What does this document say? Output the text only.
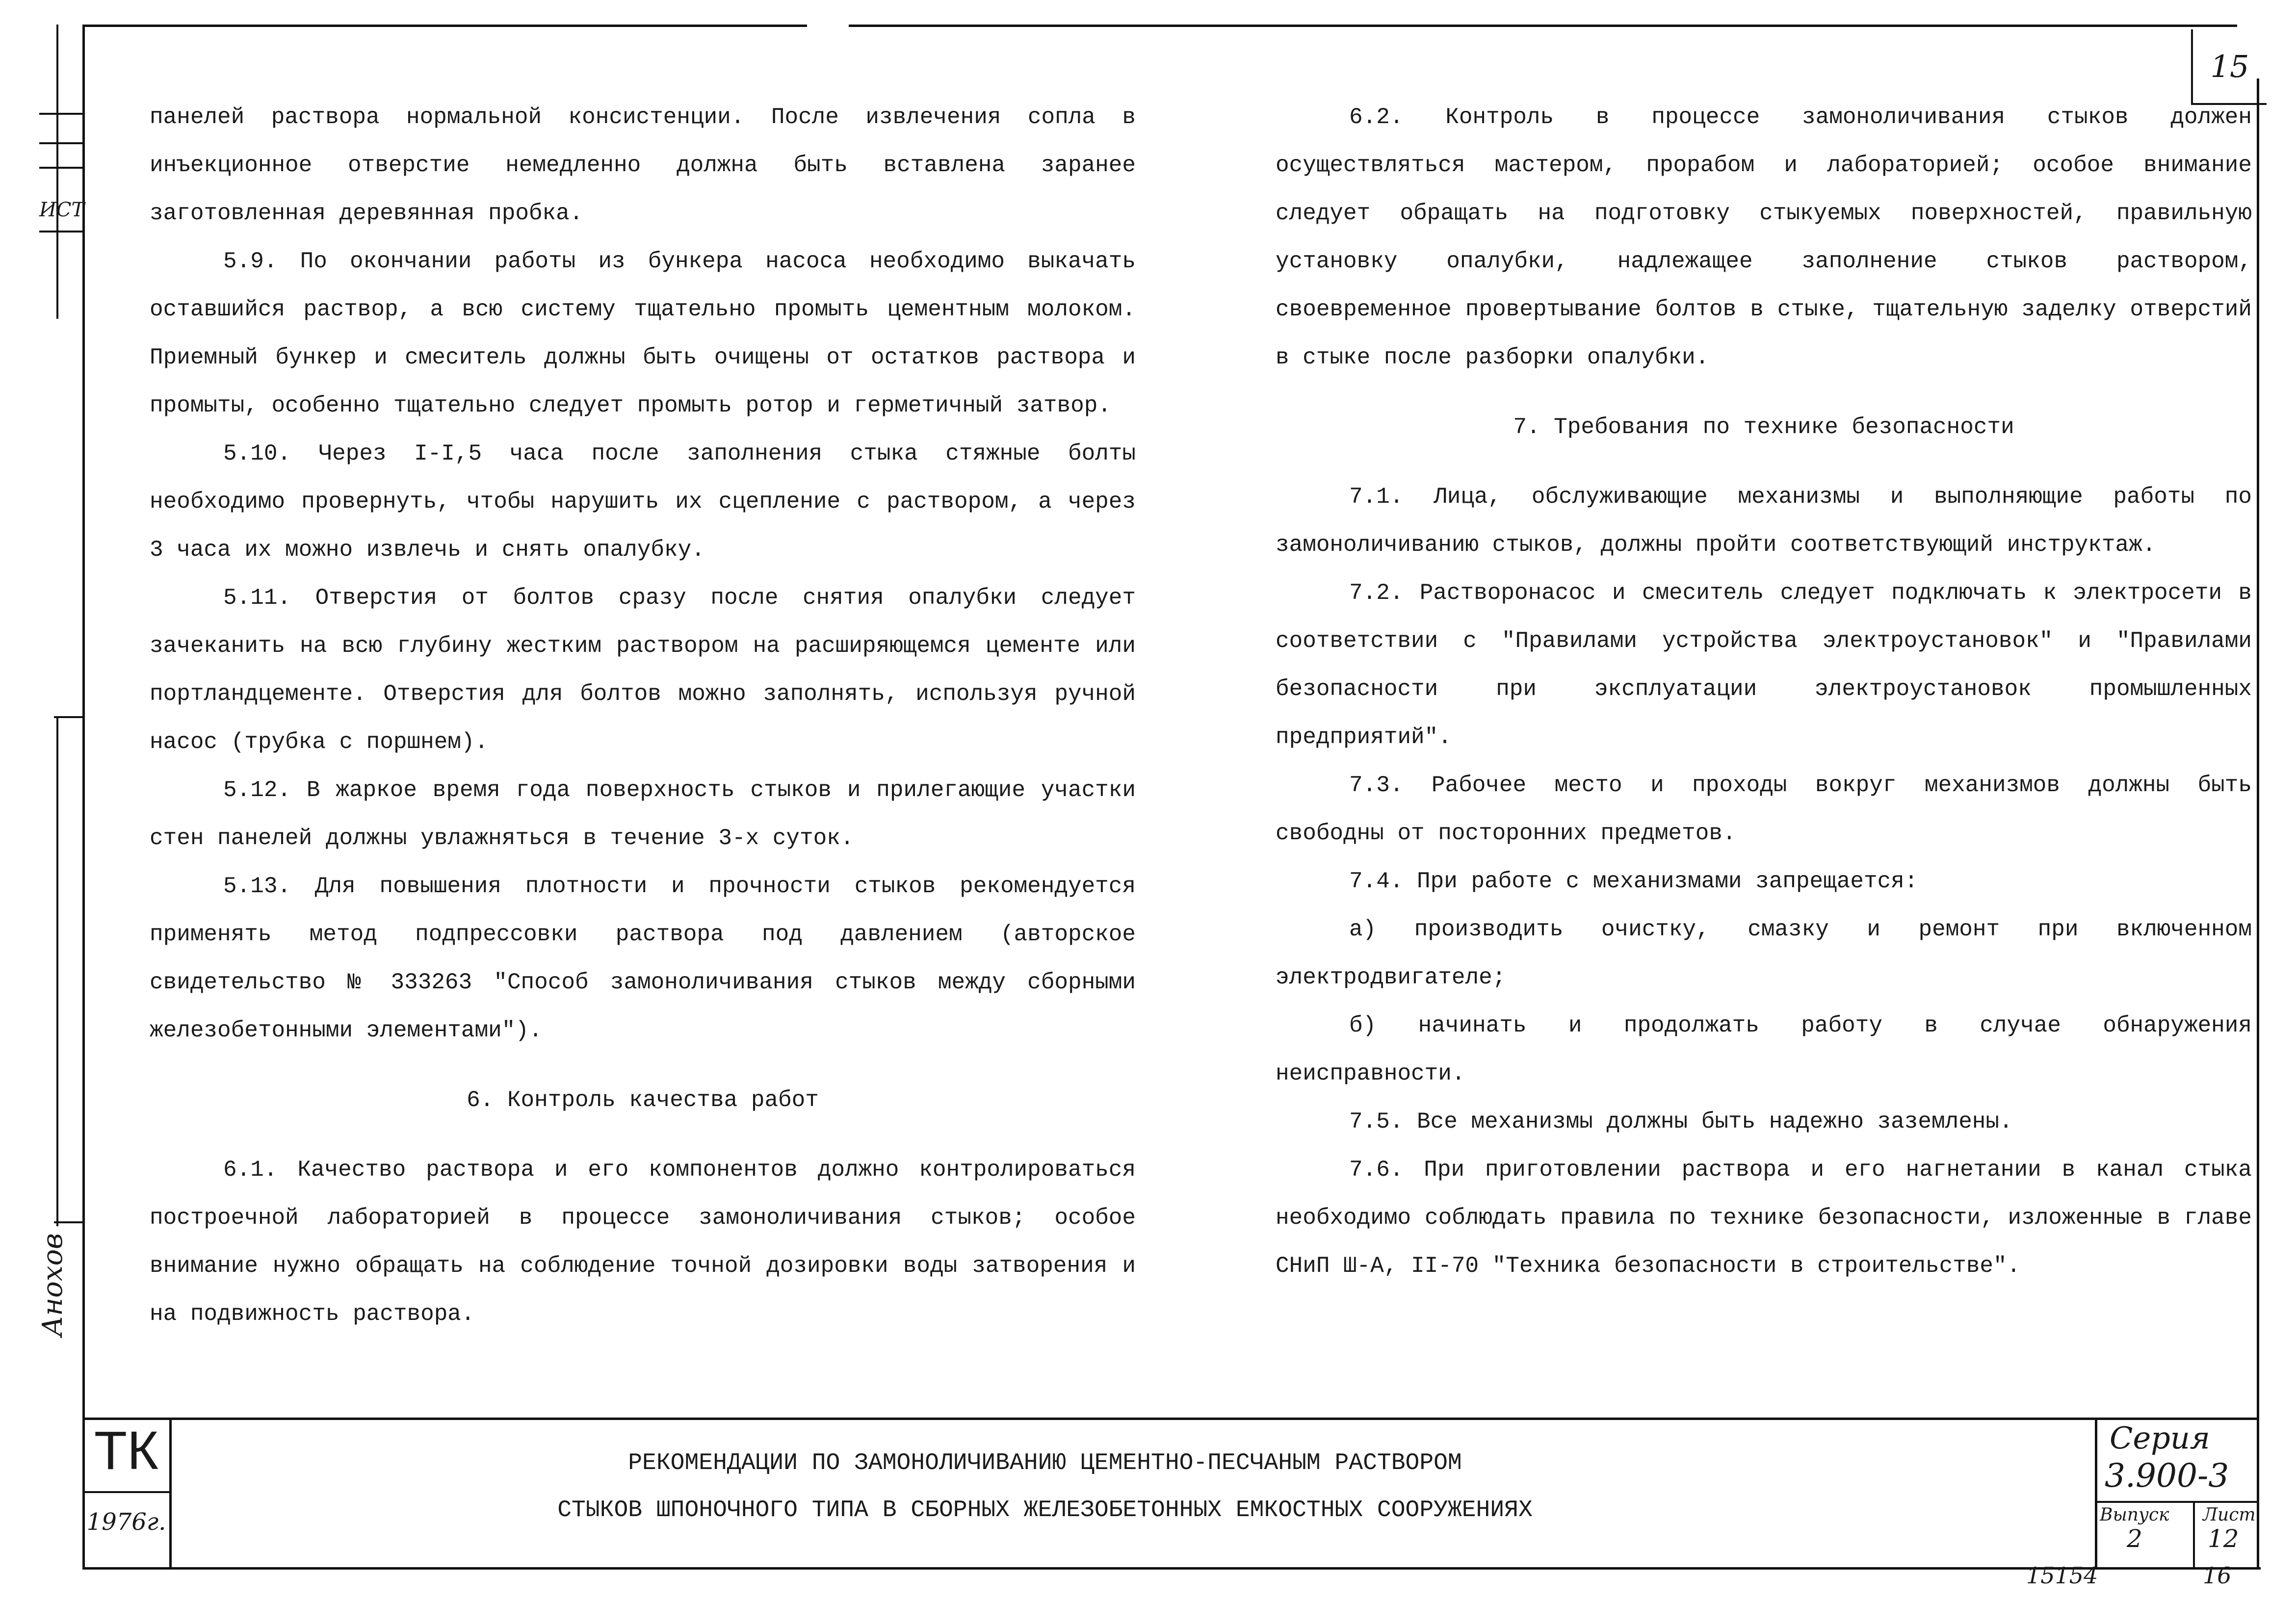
15
ИСТ
Анохов

панелей раствора нормальной консистенции. После извлечения сопла в инъекционное отверстие немедленно должна быть вставлена заранее заготовленная деревянная пробка.

5.9. По окончании работы из бункера насоса необходимо выкачать оставшийся раствор, а всю систему тщательно промыть цементным молоком. Приемный бункер и смеситель должны быть очищены от остатков раствора и промыты, особенно тщательно следует промыть ротор и герметичный затвор.

5.10. Через I-I,5 часа после заполнения стыка стяжные болты необходимо провернуть, чтобы нарушить их сцепление с раствором, а через 3 часа их можно извлечь и снять опалубку.

5.11. Отверстия от болтов сразу после снятия опалубки следует зачеканить на всю глубину жестким раствором на расширяющемся цементе или портландцементе. Отверстия для болтов можно заполнять, используя ручной насос (трубка с поршнем).

5.12. В жаркое время года поверхность стыков и прилегающие участки стен панелей должны увлажняться в течение 3-х суток.

5.13. Для повышения плотности и прочности стыков рекомендуется применять метод подпрессовки раствора под давлением (авторское свидетельство № 333263 "Способ замоноличивания стыков между сборными железобетонными элементами").

6. Контроль качества работ

6.1. Качество раствора и его компонентов должно контролироваться построечной лабораторией в процессе замоноличивания стыков; особое внимание нужно обращать на соблюдение точной дозировки воды затворения и на подвижность раствора.

6.2. Контроль в процессе замоноличивания стыков должен осуществляться мастером, прорабом и лабораторией; особое внимание следует обращать на подготовку стыкуемых поверхностей, правильную установку опалубки, надлежащее заполнение стыков раствором, своевременное провертывание болтов в стыке, тщательную заделку отверстий в стыке после разборки опалубки.

7. Требования по технике безопасности

7.1. Лица, обслуживающие механизмы и выполняющие работы по замоноличиванию стыков, должны пройти соответствующий инструктаж.

7.2. Растворонасос и смеситель следует подключать к электросети в соответствии с "Правилами устройства электроустановок" и "Правилами безопасности при эксплуатации электроустановок промышленных предприятий".

7.3. Рабочее место и проходы вокруг механизмов должны быть свободны от посторонних предметов.

7.4. При работе с механизмами запрещается:

а) производить очистку, смазку и ремонт при включенном электродвигателе;

б) начинать и продолжать работу в случае обнаружения неисправности.

7.5. Все механизмы должны быть надежно заземлены.

7.6. При приготовлении раствора и его нагнетании в канал стыка необходимо соблюдать правила по технике безопасности, изложенные в главе СНиП Ш-А, II-70 "Техника безопасности в строительстве".

ТК
1976г.
РЕКОМЕНДАЦИИ ПО ЗАМОНОЛИЧИВАНИЮ ЦЕМЕНТНО-ПЕСЧАНЫМ РАСТВОРОМ
СТЫКОВ ШПОНОЧНОГО ТИПА В СБОРНЫХ ЖЕЛЕЗОБЕТОННЫХ ЕМКОСТНЫХ СООРУЖЕНИЯХ
Серия
3.900-3
Выпуск
2
Лист
12
15154	16
